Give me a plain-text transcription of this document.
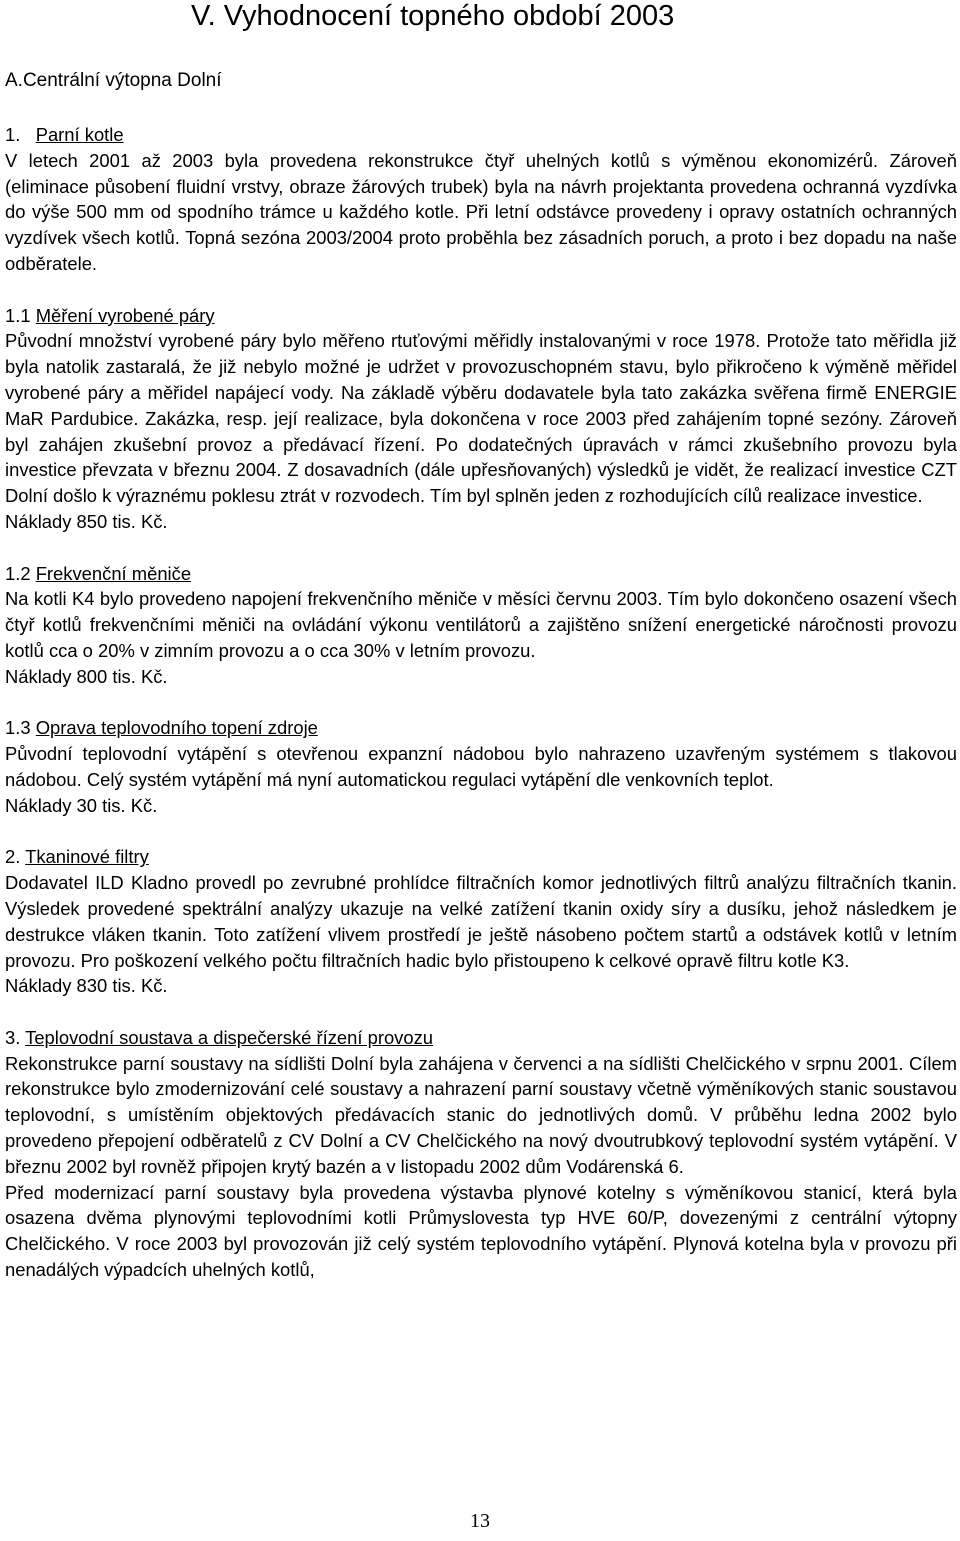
V. Vyhodnocení topného období 2003
A.Centrální výtopna Dolní
1. Parní kotle

V letech 2001 až 2003 byla provedena rekonstrukce čtyř uhelných kotlů s výměnou ekonomizérů. Zároveň (eliminace působení fluidní vrstvy, obraze žárových trubek) byla na návrh projektanta provedena ochranná vyzdívka do výše 500 mm od spodního trámce u každého kotle. Při letní odstávce provedeny i opravy ostatních ochranných vyzdívek všech kotlů. Topná sezóna 2003/2004 proto proběhla bez zásadních poruch, a proto i bez dopadu na naše odběratele.

1.1 Měření vyrobené páry

Původní množství vyrobené páry bylo měřeno rtuťovými měřidly instalovanými v roce 1978. Protože tato měřidla již byla natolik zastaralá, že již nebylo možné je udržet v provozuschopném stavu, bylo přikročeno k výměně měřidel vyrobené páry a měřidel napájecí vody. Na základě výběru dodavatele byla tato zakázka svěřena firmě ENERGIE MaR Pardubice. Zakázka, resp. její realizace, byla dokončena v roce 2003 před zahájením topné sezóny. Zároveň byl zahájen zkušební provoz a předávací řízení. Po dodatečných úpravách v rámci zkušebního provozu byla investice převzata v březnu 2004. Z dosavadních (dále upřesňovaných) výsledků je vidět, že realizací investice CZT Dolní došlo k výraznému poklesu ztrát v rozvodech. Tím byl splněn jeden z rozhodujících cílů realizace investice.

Náklady 850 tis. Kč.

1.2 Frekvenční měniče

Na kotli K4 bylo provedeno napojení frekvenčního měniče v měsíci červnu 2003. Tím bylo dokončeno osazení všech čtyř kotlů frekvenčními měniči na ovládání výkonu ventilátorů a zajištěno snížení energetické náročnosti provozu kotlů cca o 20% v zimním provozu a o cca 30% v letním provozu.

Náklady 800 tis. Kč.

1.3 Oprava teplovodního topení zdroje

Původní teplovodní vytápění s otevřenou expanzní nádobou bylo nahrazeno uzavřeným systémem s tlakovou nádobou. Celý systém vytápění má nyní automatickou regulaci vytápění dle venkovních teplot.

Náklady 30 tis. Kč.

2. Tkaninové filtry

Dodavatel ILD Kladno provedl po zevrubné prohlídce filtračních komor jednotlivých filtrů analýzu filtračních tkanin. Výsledek provedené spektrální analýzy ukazuje na velké zatížení tkanin oxidy síry a dusíku, jehož následkem je destrukce vláken tkanin. Toto zatížení vlivem prostředí je ještě násobeno počtem startů a odstávek kotlů v letním provozu. Pro poškození velkého počtu filtračních hadic bylo přistoupeno k celkové opravě filtru kotle K3.

Náklady 830 tis. Kč.

3. Teplovodní soustava a dispečerské řízení provozu

Rekonstrukce parní soustavy na sídlišti Dolní byla zahájena v červenci a na sídlišti Chelčického v srpnu 2001. Cílem rekonstrukce bylo zmodernizování celé soustavy a nahrazení parní soustavy včetně výměníkových stanic soustavou teplovodní, s umístěním objektových předávacích stanic do jednotlivých domů. V průběhu ledna 2002 bylo provedeno přepojení odběratelů z CV Dolní a CV Chelčického na nový dvoutrubkový teplovodní systém vytápění. V březnu 2002 byl rovněž připojen krytý bazén a v listopadu 2002 dům Vodárenská 6.

Před modernizací parní soustavy byla provedena výstavba plynové kotelny s výměníkovou stanicí, která byla osazena dvěma plynovými teplovodními kotli Průmyslovesta typ HVE 60/P, dovezenými z centrální výtopny Chelčického. V roce 2003 byl provozován již celý systém teplovodního vytápění. Plynová kotelna byla v provozu při nenadálých výpadcích uhelných kotlů,

13
